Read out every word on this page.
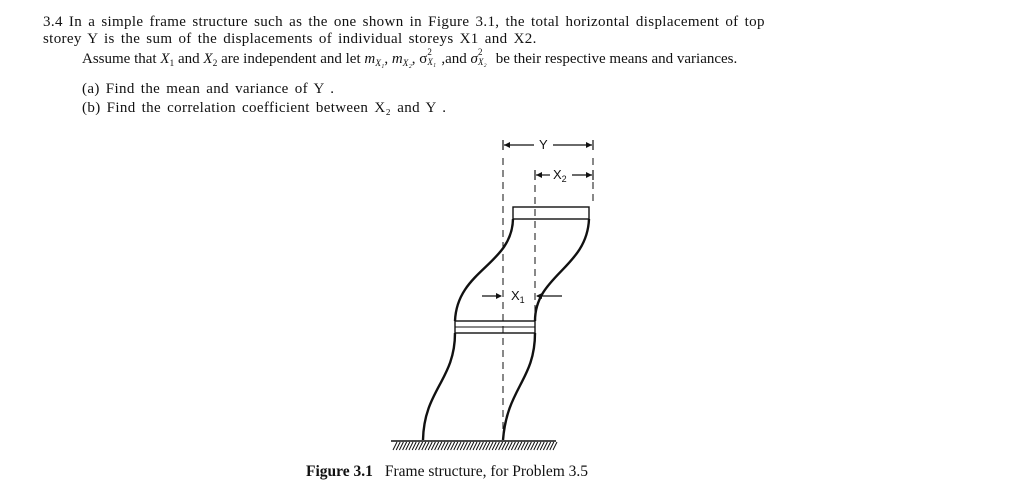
3.4 In a simple frame structure such as the one shown in Figure 3.1, the total horizontal displacement of top
storey Y is the sum of the displacements of individual storeys X1 and X2.
Assume that $X_1$ and $X_2$ are independent and let $m_{X_1}$, $m_{X_2}$, σ 2
X₁ ,and σ 2
X₂ be their respective means and variances.
(a) Find the mean and variance of Y .
(b) Find the correlation coefficient between X₂ and Y .
Y
$X_2$
$X_1$
Figure 3.1 Frame structure, for Problem 3.5
